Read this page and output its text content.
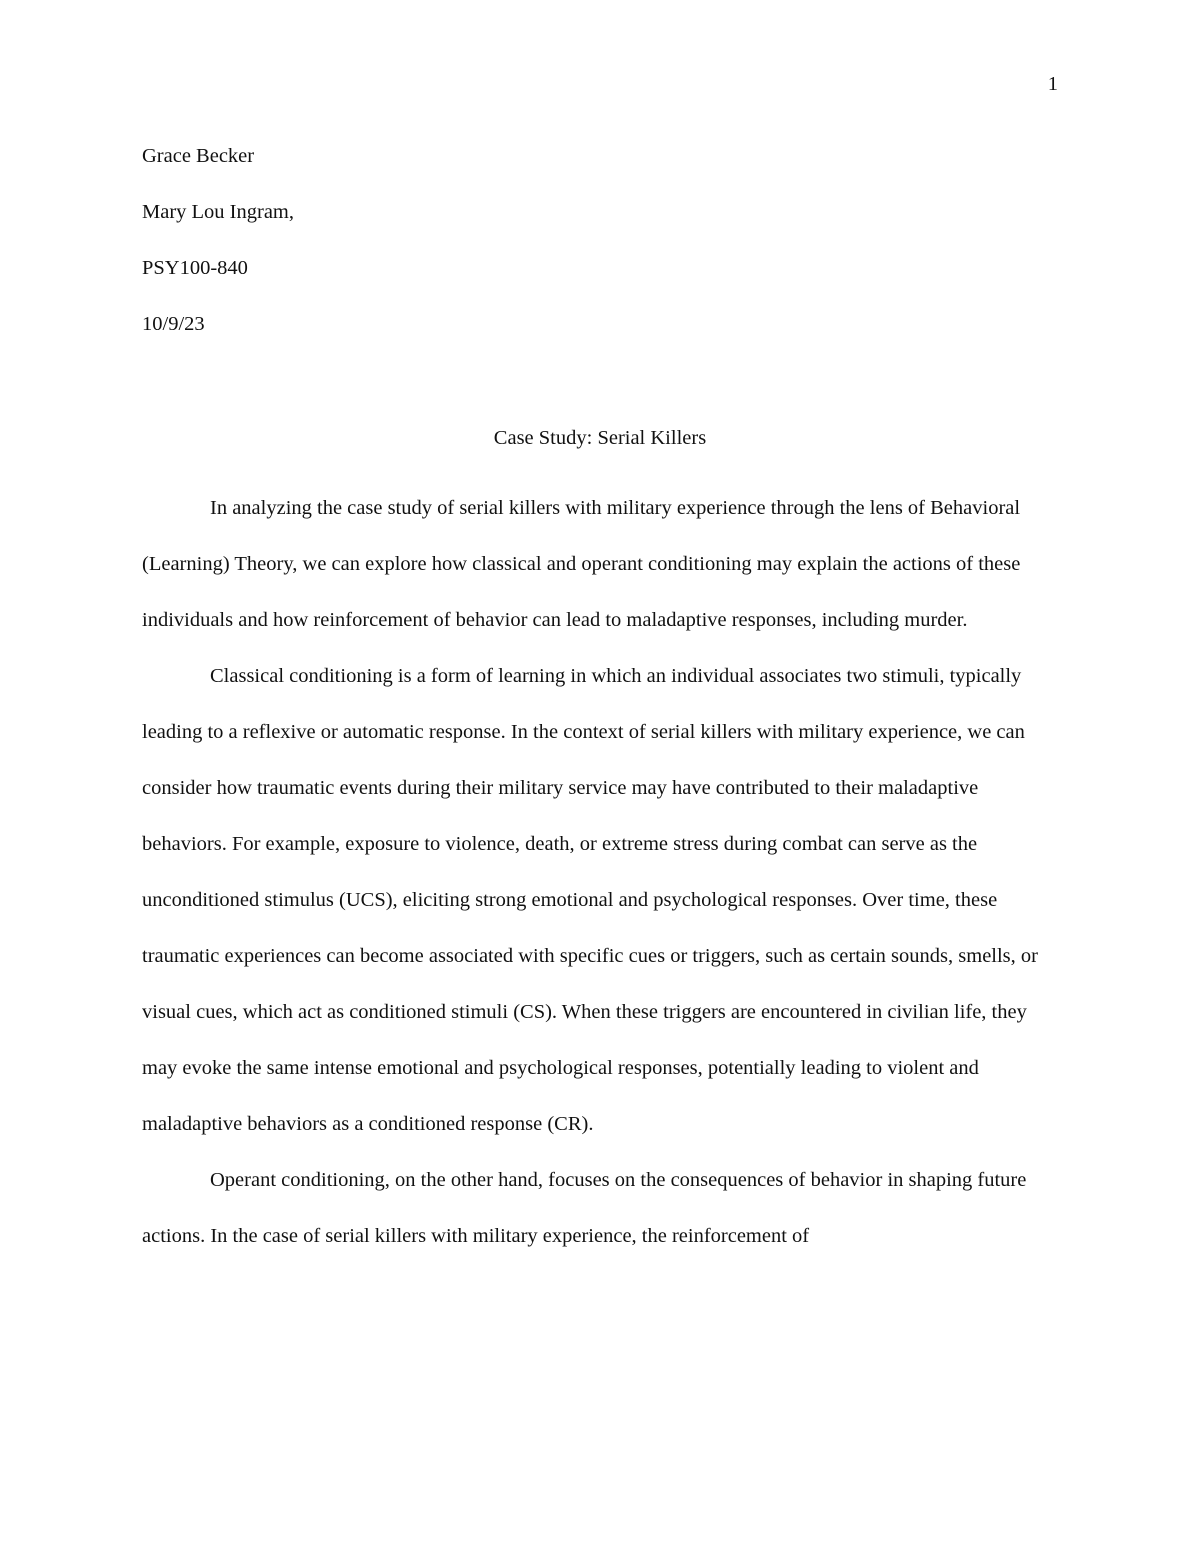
1
Grace Becker
Mary Lou Ingram,
PSY100-840
10/9/23
Case Study: Serial Killers

In analyzing the case study of serial killers with military experience through the lens of Behavioral (Learning) Theory, we can explore how classical and operant conditioning may explain the actions of these individuals and how reinforcement of behavior can lead to maladaptive responses, including murder.

Classical conditioning is a form of learning in which an individual associates two stimuli, typically leading to a reflexive or automatic response. In the context of serial killers with military experience, we can consider how traumatic events during their military service may have contributed to their maladaptive behaviors. For example, exposure to violence, death, or extreme stress during combat can serve as the unconditioned stimulus (UCS), eliciting strong emotional and psychological responses. Over time, these traumatic experiences can become associated with specific cues or triggers, such as certain sounds, smells, or visual cues, which act as conditioned stimuli (CS). When these triggers are encountered in civilian life, they may evoke the same intense emotional and psychological responses, potentially leading to violent and maladaptive behaviors as a conditioned response (CR).

Operant conditioning, on the other hand, focuses on the consequences of behavior in shaping future actions. In the case of serial killers with military experience, the reinforcement of
